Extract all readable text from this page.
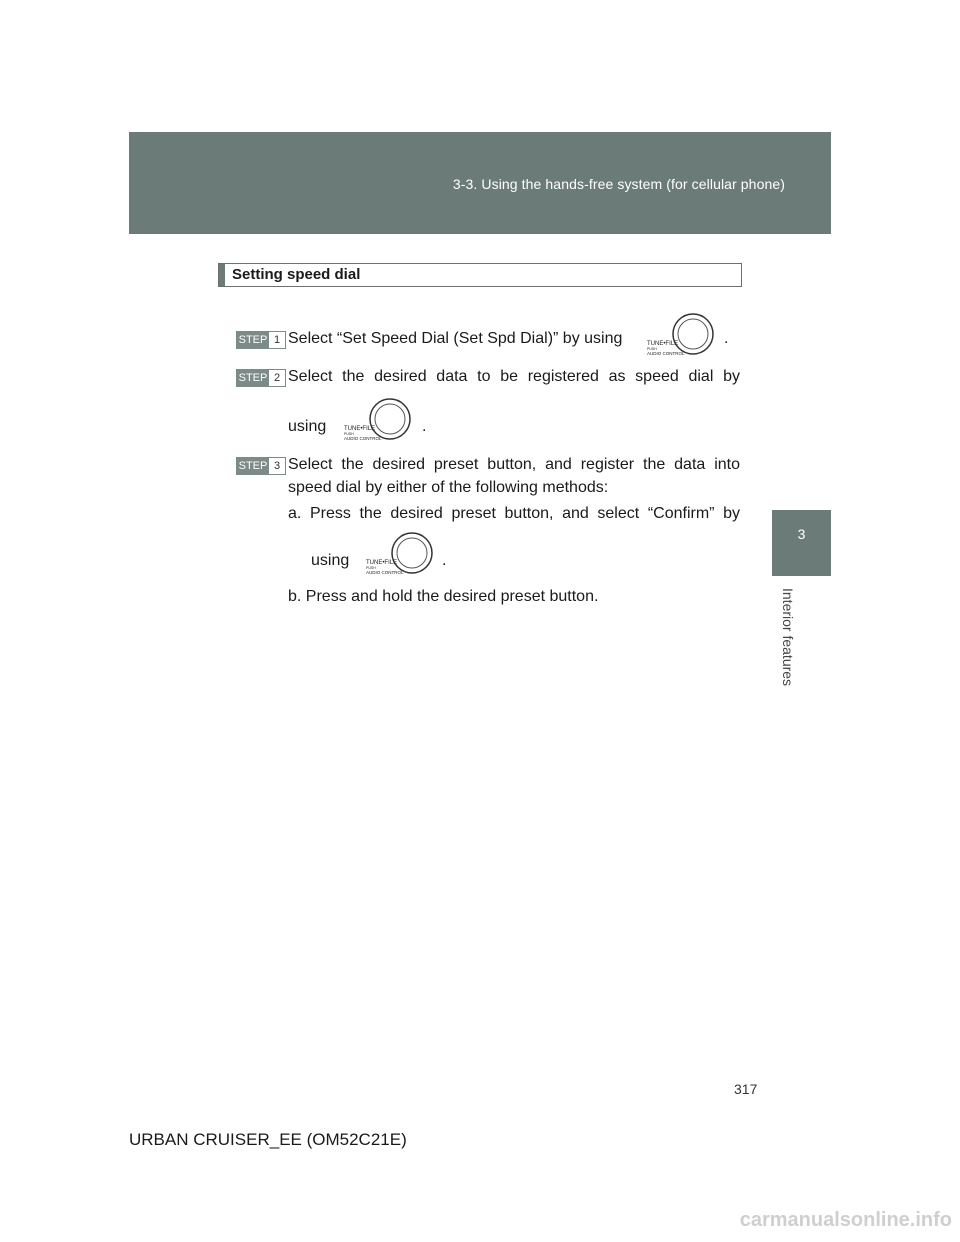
3-3. Using the hands-free system (for cellular phone)
3
Interior features
Setting speed dial
STEP 1 Select “Set Speed Dial (Set Spd Dial)” by using	TUNE•FILE
PUSH
AUDIO CONTROL
.
STEP 2 Select the desired data to be registered as speed dial by
using	TUNE•FILE
PUSH
AUDIO CONTROL
.
STEP 3 Select the desired preset button, and register the data into
speed dial by either of the following methods:
a. Press the desired preset button, and select “Confirm” by
using	TUNE•FILE
PUSH
AUDIO CONTROL
.
b. Press and hold the desired preset button.
317
URBAN CRUISER_EE (OM52C21E)
carmanualsonline.info
